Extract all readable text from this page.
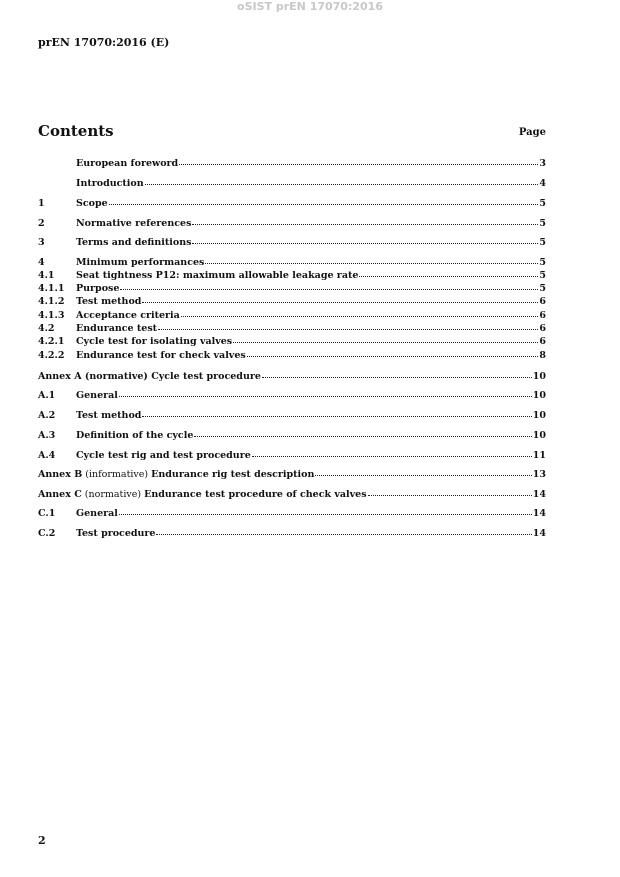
oSIST prEN 17070:2016
prEN 17070:2016 (E)
Contents	Page
European foreword	3
Introduction	4
1	Scope	5
2	Normative references	5
3	Terms and definitions	5
4	Minimum performances	5
4.1	Seat tightness P12: maximum allowable leakage rate	5
4.1.1	Purpose	5
4.1.2	Test method	6
4.1.3	Acceptance criteria	6
4.2	Endurance test	6
4.2.1	Cycle test for isolating valves	6
4.2.2	Endurance test for check valves	8
Annex A (normative) Cycle test procedure	10
A.1	General	10
A.2	Test method	10
A.3	Definition of the cycle	10
A.4	Cycle test rig and test procedure	11
Annex B (informative) Endurance rig test description	13
Annex C (normative) Endurance test procedure of check valves	14
C.1	General	14
C.2	Test procedure	14
2
